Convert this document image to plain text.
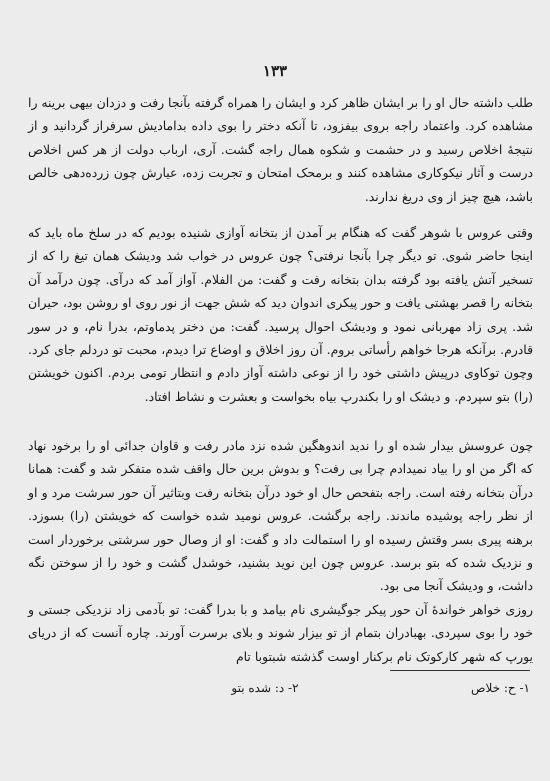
۱۳۳

طلب داشته حال او را بر ایشان ظاهر کرد و ایشان را همراه گرفته بآنجا رفت و دزدان بیهی برینه را مشاهده کرد. واعتماد راجه بروی بیفزود، تا آنکه دختر را بوی داده بدامادیش سرفراز گردانید و از نتیجهٔ اخلاص رسید و در حشمت و شکوه همال راجه گشت. آری، ارباب دولت از هر کس اخلاص درست و آثار نیکوکاری مشاهده کنند و برمحک امتحان و تجربت زده، عیارش چون زرده‌دهی خالص باشد، هیچ چیز از وی دریغ ندارند.

وقتی عروس با شوهر گفت که هنگام بر آمدن از بتخانه آوازی شنیده بودیم که در سلخ ماه باید که اینجا حاضر شوی. تو دیگر چرا بآنجا نرفتی؟ چون عروس در خواب شد ودیشک همان تیغ را که از تسخیر آتش یافته بود گرفته بدان بتخانه رفت و گفت: من الفلام. آواز آمد که درآی. چون درآمد آن بتخانه را قصر بهشتی یافت و حور پیکری اندوان دید که شش جهت از نور روی او روشن بود، حیران شد. پری زاد مهربانی نمود و ودیشک احوال پرسید. گفت: من دختر پدماوتم، بدرا نام، و در سور قادرم. برآنکه هرجا خواهم رأساتی بروم. آن روز اخلاق و اوضاع ترا دیدم، محبت تو دردلم جای کرد. وچون توکاوی درپیش داشتی خود را از نوعی داشته آواز دادم و انتظار تومی بردم. اکنون خویشتن (را) بتو سپردم. و دیشک او را بکندرپ بیاه بخواست و بعشرت و نشاط افتاد.

چون عروسش بیدار شده او را ندید اندوهگین شده نزد مادر رفت و قاوان جدائی او را برخود نهاد که اگر من او را بیاد نمیدادم چرا بی‌ رفت؟ و بدوش برین حال واقف شده متفکر شد و گفت: همانا درآن بتخانه رفته است. راجه بتفحص حال او خود درآن بتخانه رفت وبتاثیر آن حور سرشت مرد و او از نظر راجه پوشیده ماندند. راجه برگشت. عروس نومید شده خواست که خویشتن (را) بسوزد. برهنه پیری بسر وقتش رسیده او را استمالت داد و گفت: او از وصال حور سرشتی برخوردار است و نزدیک شده که بتو برسد. عروس چون این نوید بشنید، خوشدل گشت و خود را از سوختن نگه داشت، و ودیشک آنجا می بود.

روزی خواهر خواندهٔ آن حور پیکر جوگیشری نام بیامد و با بدرا گفت: تو بآدمی زاد نزدیکی جستی و خود را بوی سپردی. بهبادران بتمام از تو بیزار شوند و بلای برسرت آورند. چاره آنست که از دریای یورپ که شهر کارکوتک نام برکنار اوست گذشته شبتوبا تام

۱- ح: خلاص
۲- د: شده بتو
